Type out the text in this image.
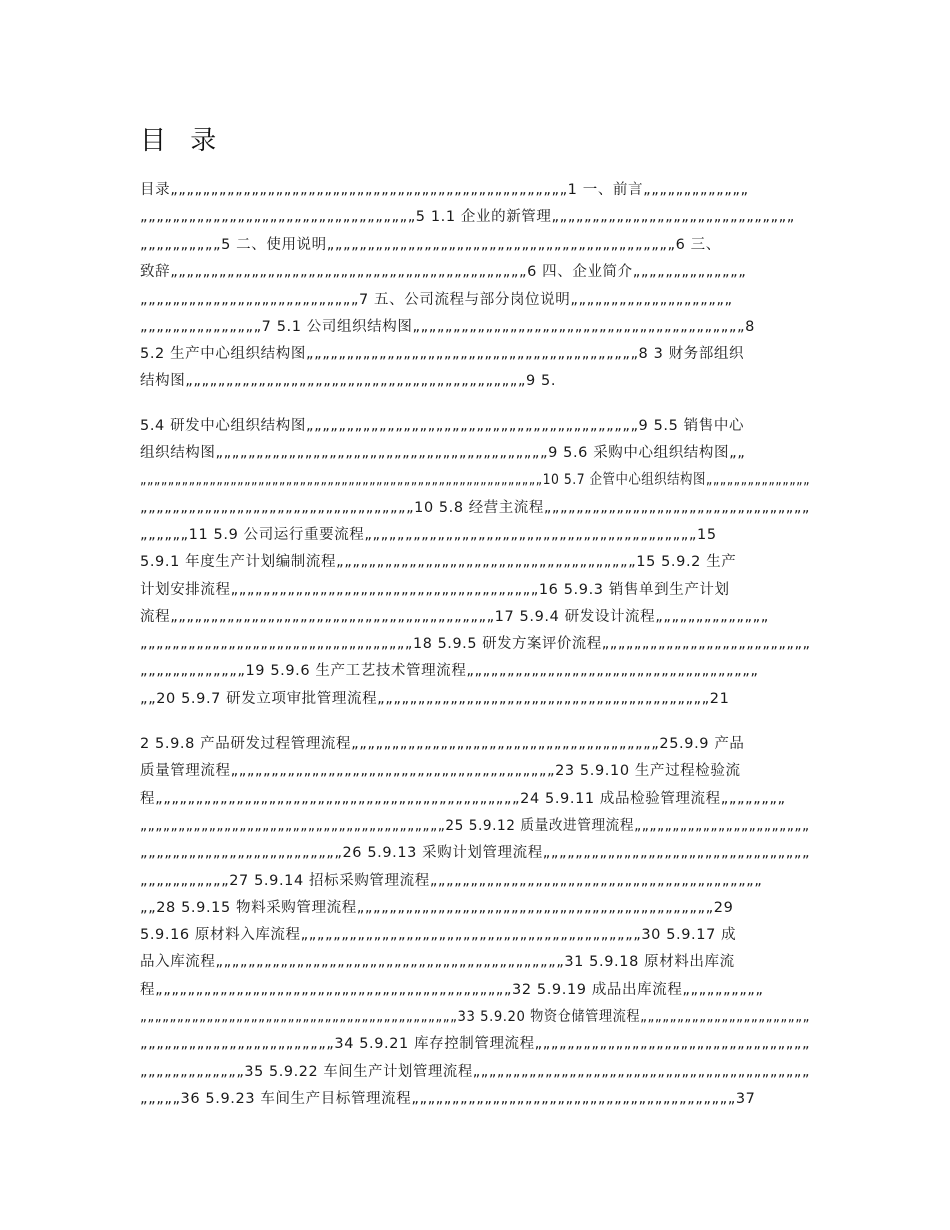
目 录
目录„„„„„„„„„„„„„„„„„„„„„„„„„„„„„„„„„„„„„„„„„„„„„„„„„1 一、前言„„„„„„„„„„„„„
„„„„„„„„„„„„„„„„„„„„„„„„„„„„„„„„„„5 1.1 企业的新管理„„„„„„„„„„„„„„„„„„„„„„„„„„„„„„
„„„„„„„„„„5 二、使用说明„„„„„„„„„„„„„„„„„„„„„„„„„„„„„„„„„„„„„„„„„„„6 三、
致辞„„„„„„„„„„„„„„„„„„„„„„„„„„„„„„„„„„„„„„„„„„„„6 四、企业简介„„„„„„„„„„„„„„
„„„„„„„„„„„„„„„„„„„„„„„„„„„7 五、公司流程与部分岗位说明„„„„„„„„„„„„„„„„„„„„
„„„„„„„„„„„„„„„7 5.1 公司组织结构图„„„„„„„„„„„„„„„„„„„„„„„„„„„„„„„„„„„„„„„„„8
5.2 生产中心组织结构图„„„„„„„„„„„„„„„„„„„„„„„„„„„„„„„„„„„„„„„„„8 3 财务部组织
结构图„„„„„„„„„„„„„„„„„„„„„„„„„„„„„„„„„„„„„„„„„„9 5.
5.4 研发中心组织结构图„„„„„„„„„„„„„„„„„„„„„„„„„„„„„„„„„„„„„„„„„9 5.5 销售中心
组织结构图„„„„„„„„„„„„„„„„„„„„„„„„„„„„„„„„„„„„„„„„„9 5.6 采购中心组织结构图„„
„„„„„„„„„„„„„„„„„„„„„„„„„„„„„„„„„„„„„„„„„„„„„„„„„„„„„„„„„„10 5.7 企管中心组织结构图„„„„„„„„„„„„„„„
„„„„„„„„„„„„„„„„„„„„„„„„„„„„„„„„„„10 5.8 经营主流程„„„„„„„„„„„„„„„„„„„„„„„„„„„„„„„„„
„„„„„„11 5.9 公司运行重要流程„„„„„„„„„„„„„„„„„„„„„„„„„„„„„„„„„„„„„„„„„15
5.9.1 年度生产计划编制流程„„„„„„„„„„„„„„„„„„„„„„„„„„„„„„„„„„„„„15 5.9.2 生产
计划安排流程„„„„„„„„„„„„„„„„„„„„„„„„„„„„„„„„„„„„„„16 5.9.3 销售单到生产计划
流程„„„„„„„„„„„„„„„„„„„„„„„„„„„„„„„„„„„„„„„„17 5.9.4 研发设计流程„„„„„„„„„„„„„„
„„„„„„„„„„„„„„„„„„„„„„„„„„„„„„„„„„18 5.9.5 研发方案评价流程„„„„„„„„„„„„„„„„„„„„„„„„„„
„„„„„„„„„„„„„19 5.9.6 生产工艺技术管理流程„„„„„„„„„„„„„„„„„„„„„„„„„„„„„„„„„„„„
„„20 5.9.7 研发立项审批管理流程„„„„„„„„„„„„„„„„„„„„„„„„„„„„„„„„„„„„„„„„„21
2 5.9.8 产品研发过程管理流程„„„„„„„„„„„„„„„„„„„„„„„„„„„„„„„„„„„„„„25.9.9 产品
质量管理流程„„„„„„„„„„„„„„„„„„„„„„„„„„„„„„„„„„„„„„„„23 5.9.10 生产过程检验流
程„„„„„„„„„„„„„„„„„„„„„„„„„„„„„„„„„„„„„„„„„„„„„24 5.9.11 成品检验管理流程„„„„„„„„
„„„„„„„„„„„„„„„„„„„„„„„„„„„„„„„„„„„„„„„„25 5.9.12 质量改进管理流程„„„„„„„„„„„„„„„„„„„„„„„
„„„„„„„„„„„„„„„„„„„„„„„„„26 5.9.13 采购计划管理流程„„„„„„„„„„„„„„„„„„„„„„„„„„„„„„„„„
„„„„„„„„„„„27 5.9.14 招标采购管理流程„„„„„„„„„„„„„„„„„„„„„„„„„„„„„„„„„„„„„„„„„
„„28 5.9.15 物料采购管理流程„„„„„„„„„„„„„„„„„„„„„„„„„„„„„„„„„„„„„„„„„„„„29
5.9.16 原材料入库流程„„„„„„„„„„„„„„„„„„„„„„„„„„„„„„„„„„„„„„„„„„30 5.9.17 成
品入库流程„„„„„„„„„„„„„„„„„„„„„„„„„„„„„„„„„„„„„„„„„„„31 5.9.18 原材料出库流
程„„„„„„„„„„„„„„„„„„„„„„„„„„„„„„„„„„„„„„„„„„„„32 5.9.19 成品出库流程„„„„„„„„„„
„„„„„„„„„„„„„„„„„„„„„„„„„„„„„„„„„„„„„„„„„„„33 5.9.20 物资仓储管理流程„„„„„„„„„„„„„„„„„„„„„„„
„„„„„„„„„„„„„„„„„„„„„„„„34 5.9.21 库存控制管理流程„„„„„„„„„„„„„„„„„„„„„„„„„„„„„„„„„„
„„„„„„„„„„„„„35 5.9.22 车间生产计划管理流程„„„„„„„„„„„„„„„„„„„„„„„„„„„„„„„„„„„„„„„„„„
„„„„„36 5.9.23 车间生产目标管理流程„„„„„„„„„„„„„„„„„„„„„„„„„„„„„„„„„„„„„„„„37
